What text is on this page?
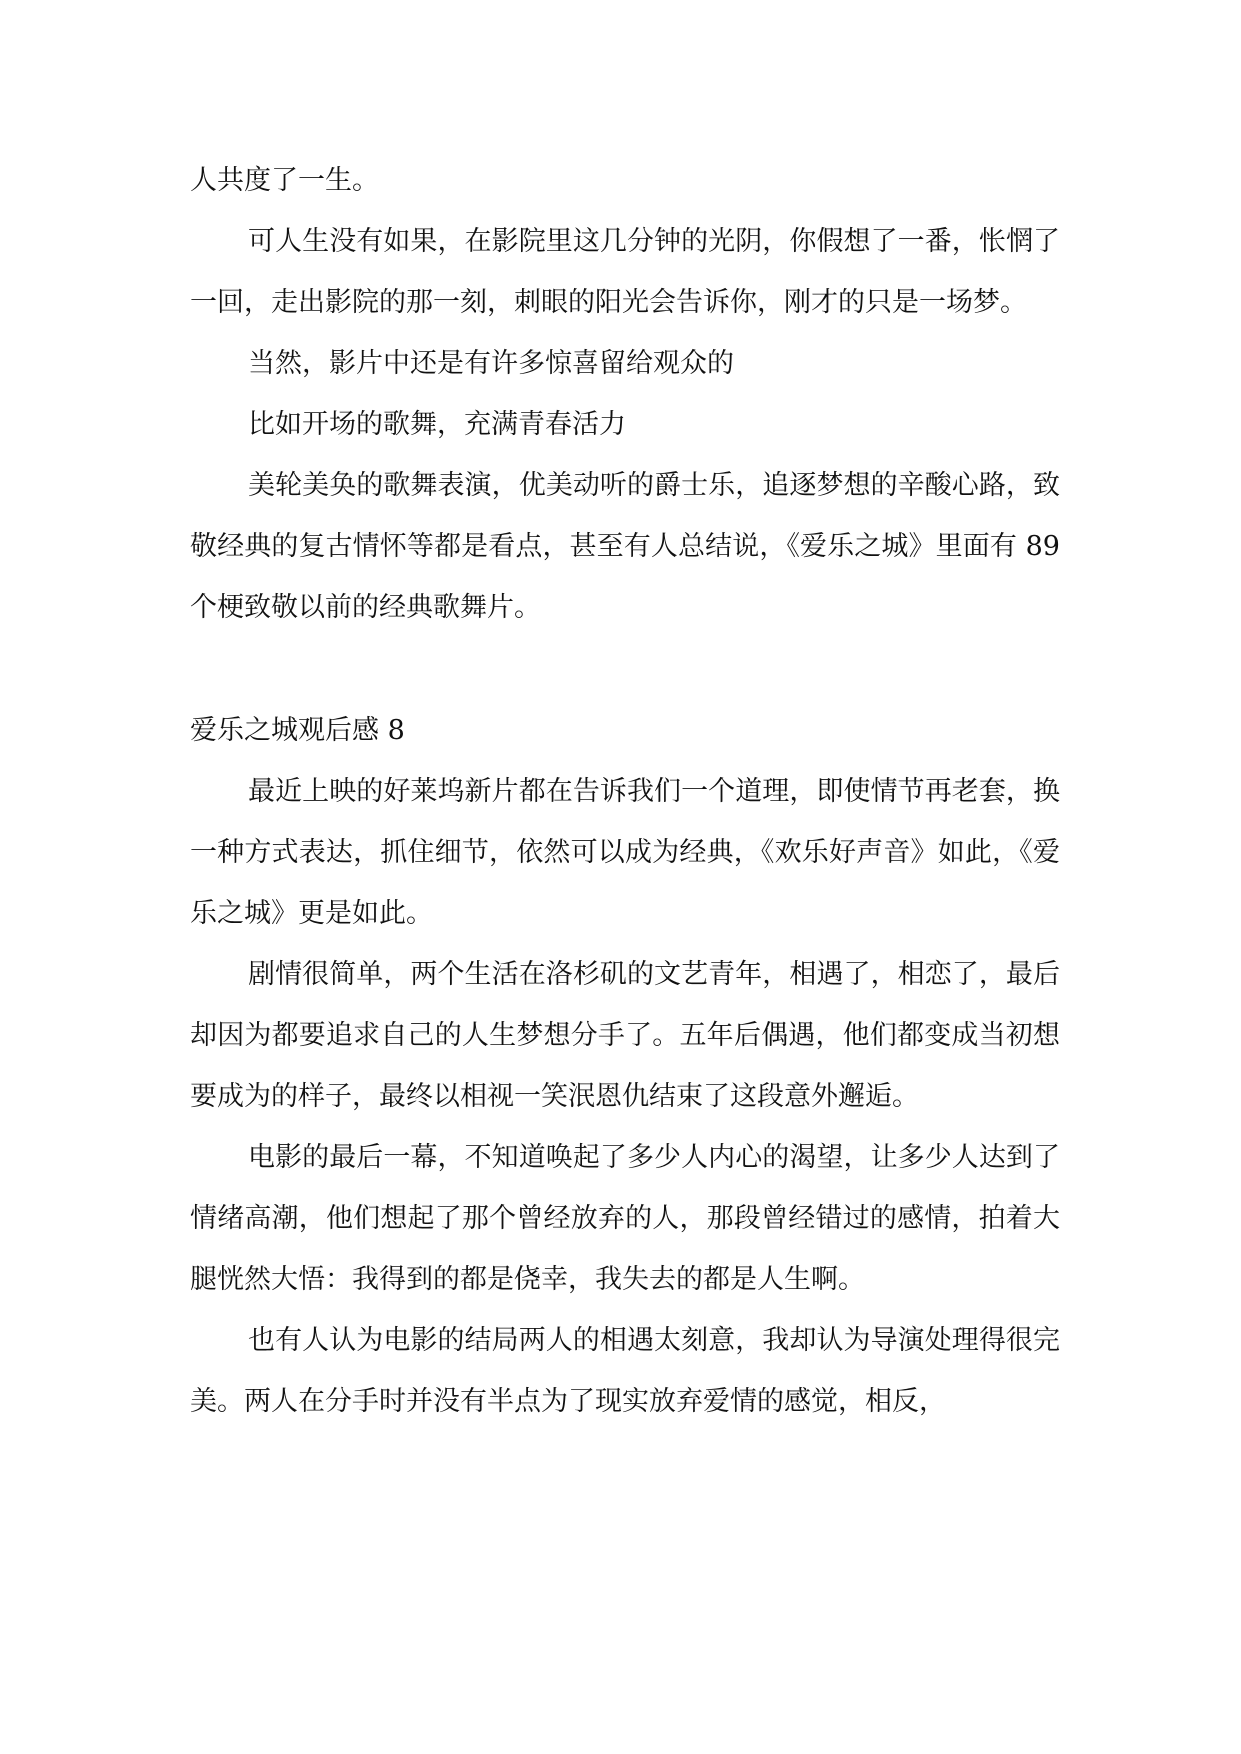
人共度了一生。

可人生没有如果，在影院里这几分钟的光阴，你假想了一番，怅惘了一回，走出影院的那一刻，刺眼的阳光会告诉你，刚才的只是一场梦。

当然，影片中还是有许多惊喜留给观众的

比如开场的歌舞，充满青春活力

美轮美奂的歌舞表演，优美动听的爵士乐，追逐梦想的辛酸心路，致敬经典的复古情怀等都是看点，甚至有人总结说，《爱乐之城》里面有 89 个梗致敬以前的经典歌舞片。

爱乐之城观后感 8

最近上映的好莱坞新片都在告诉我们一个道理，即使情节再老套，换一种方式表达，抓住细节，依然可以成为经典，《欢乐好声音》如此，《爱乐之城》更是如此。

剧情很简单，两个生活在洛杉矶的文艺青年，相遇了，相恋了，最后却因为都要追求自己的人生梦想分手了。五年后偶遇，他们都变成当初想要成为的样子，最终以相视一笑泯恩仇结束了这段意外邂逅。

电影的最后一幕，不知道唤起了多少人内心的渴望，让多少人达到了情绪高潮，他们想起了那个曾经放弃的人，那段曾经错过的感情，拍着大腿恍然大悟：我得到的都是侥幸，我失去的都是人生啊。

也有人认为电影的结局两人的相遇太刻意，我却认为导演处理得很完美。两人在分手时并没有半点为了现实放弃爱情的感觉，相反，
